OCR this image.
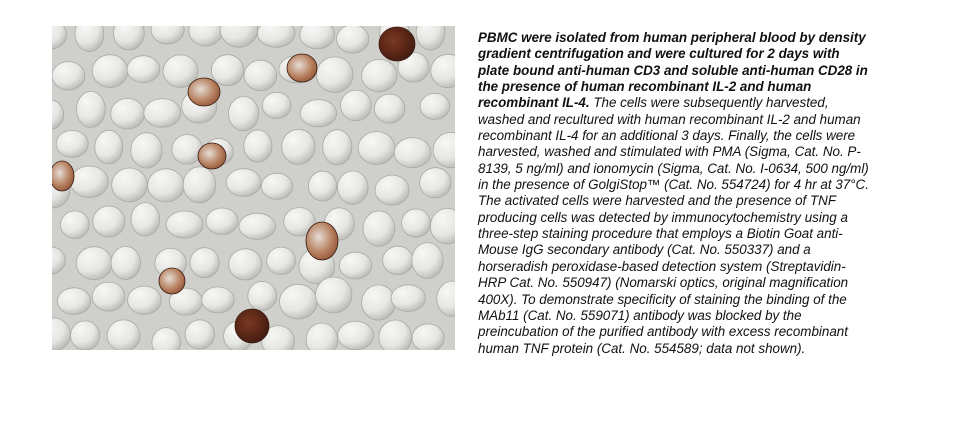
PBMC were isolated from human peripheral blood by density gradient centrifugation and were cultured for 2 days with plate bound anti-human CD3 and soluble anti-human CD28 in the presence of human recombinant IL-2 and human recombinant IL-4. The cells were subsequently harvested, washed and recultured with human recombinant IL-2 and human recombinant IL-4 for an additional 3 days. Finally, the cells were harvested, washed and stimulated with PMA (Sigma, Cat. No. P-8139, 5 ng/ml) and ionomycin (Sigma, Cat. No. I-0634, 500 ng/ml) in the presence of GolgiStop™ (Cat. No. 554724) for 4 hr at 37°C. The activated cells were harvested and the presence of TNF producing cells was detected by immunocytochemistry using a three-step staining procedure that employs a Biotin Goat anti-Mouse IgG secondary antibody (Cat. No. 550337) and a horseradish peroxidase-based detection system (Streptavidin-HRP Cat. No. 550947) (Nomarski optics, original magnification 400X). To demonstrate specificity of staining the binding of the MAb11 (Cat. No. 559071) antibody was blocked by the preincubation of the purified antibody with excess recombinant human TNF protein (Cat. No. 554589; data not shown).
